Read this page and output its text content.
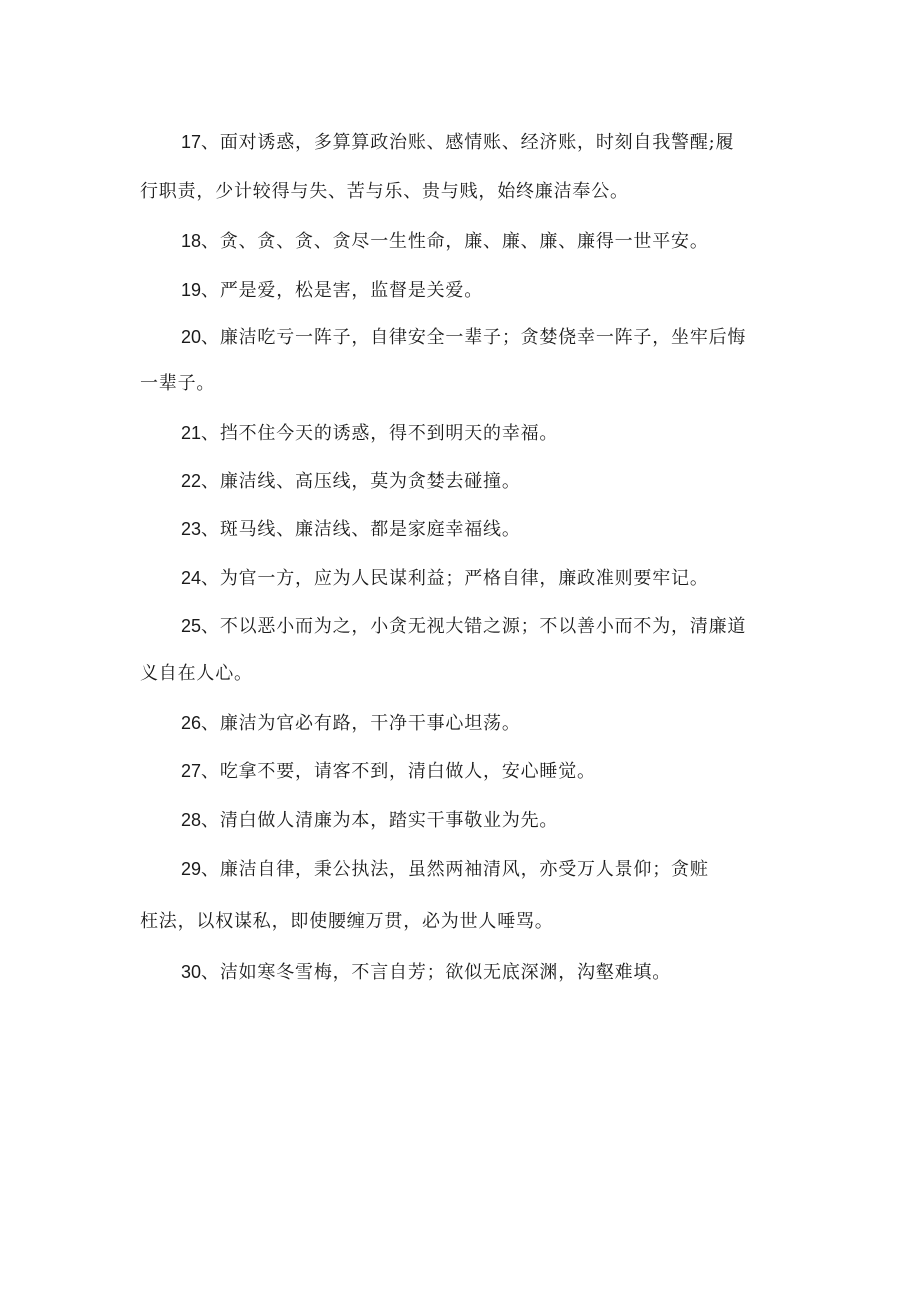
17、面对诱惑，多算算政治账、感情账、经济账，时刻自我警醒;履
行职责，少计较得与失、苦与乐、贵与贱，始终廉洁奉公。
18、贪、贪、贪、贪尽一生性命，廉、廉、廉、廉得一世平安。
19、严是爱，松是害，监督是关爱。
20、廉洁吃亏一阵子，自律安全一辈子；贪婪侥幸一阵子，坐牢后悔
一辈子。
21、挡不住今天的诱惑，得不到明天的幸福。
22、廉洁线、高压线，莫为贪婪去碰撞。
23、斑马线、廉洁线、都是家庭幸福线。
24、为官一方，应为人民谋利益；严格自律，廉政准则要牢记。
25、不以恶小而为之，小贪无视大错之源；不以善小而不为，清廉道
义自在人心。
26、廉洁为官必有路，干净干事心坦荡。
27、吃拿不要，请客不到，清白做人，安心睡觉。
28、清白做人清廉为本，踏实干事敬业为先。
29、廉洁自律，秉公执法，虽然两袖清风，亦受万人景仰；贪赃
枉法，以权谋私，即使腰缠万贯，必为世人唾骂。
30、洁如寒冬雪梅，不言自芳；欲似无底深渊，沟壑难填。
